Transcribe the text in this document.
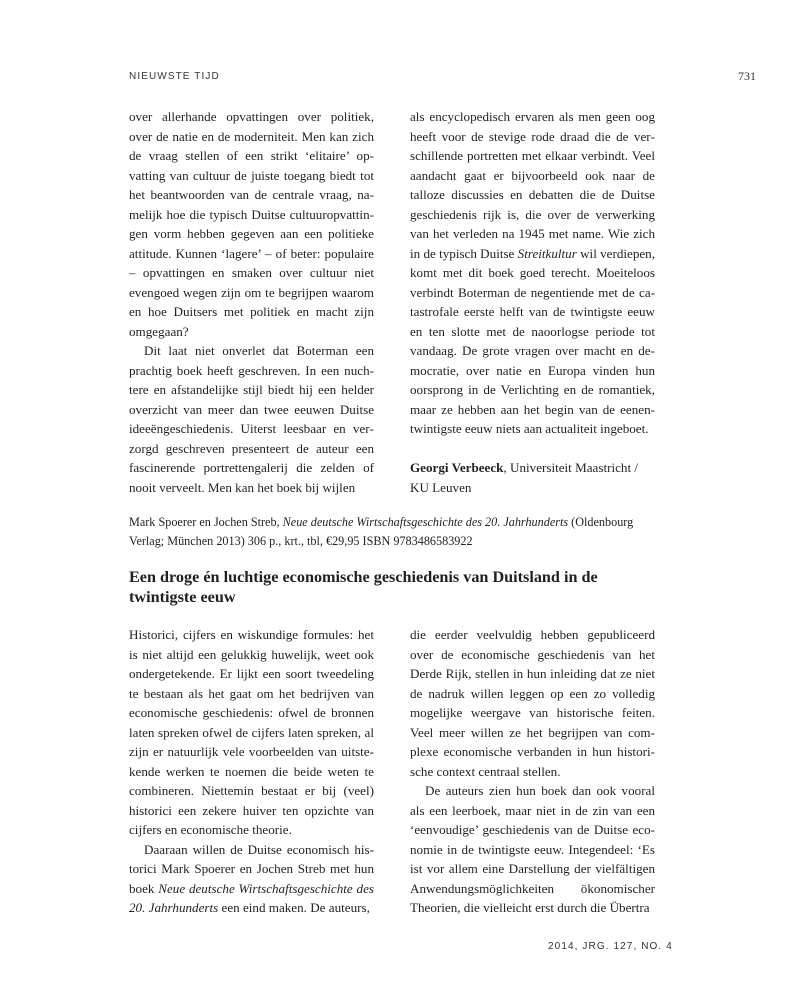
NIEUWSTE TIJD	731

over allerhande opvattingen over politiek, over de natie en de moderniteit. Men kan zich de vraag stellen of een strikt ‘elitaire’ opvatting van cultuur de juiste toegang biedt tot het beantwoorden van de centrale vraag, namelijk hoe die typisch Duitse cultuuropvattingen vorm hebben gegeven aan een politieke attitude. Kunnen ‘lagere’ – of beter: populaire – opvattingen en smaken over cultuur niet evengoed wegen zijn om te begrijpen waarom en hoe Duitsers met politiek en macht zijn omgegaan?

Dit laat niet onverlet dat Boterman een prachtig boek heeft geschreven. In een nuchtere en afstandelijke stijl biedt hij een helder overzicht van meer dan twee eeuwen Duitse ideeëngeschiedenis. Uiterst leesbaar en verzorgd geschreven presenteert de auteur een fascinerende portrettengalerij die zelden of nooit verveelt. Men kan het boek bij wijlen

als encyclopedisch ervaren als men geen oog heeft voor de stevige rode draad die de verschillende portretten met elkaar verbindt. Veel aandacht gaat er bijvoorbeeld ook naar de talloze discussies en debatten die de Duitse geschiedenis rijk is, die over de verwerking van het verleden na 1945 met name. Wie zich in de typisch Duitse Streitkultur wil verdiepen, komt met dit boek goed terecht. Moeiteloos verbindt Boterman de negentiende met de catastrofale eerste helft van de twintigste eeuw en ten slotte met de naoorlogse periode tot vandaag. De grote vragen over macht en democratie, over natie en Europa vinden hun oorsprong in de Verlichting en de romantiek, maar ze hebben aan het begin van de eenentwintigste eeuw niets aan actualiteit ingeboet.

Georgi Verbeeck, Universiteit Maastricht / KU Leuven

Mark Spoerer en Jochen Streb, Neue deutsche Wirtschaftsgeschichte des 20. Jahrhunderts (Oldenbourg Verlag; München 2013) 306 p., krt., tbl, €29,95 ISBN 9783486583922
Een droge én luchtige economische geschiedenis van Duitsland in de twintigste eeuw

Historici, cijfers en wiskundige formules: het is niet altijd een gelukkig huwelijk, weet ook ondergetekende. Er lijkt een soort tweedeling te bestaan als het gaat om het bedrijven van economische geschiedenis: ofwel de bronnen laten spreken ofwel de cijfers laten spreken, al zijn er natuurlijk vele voorbeelden van uitstekende werken te noemen die beide weten te combineren. Niettemin bestaat er bij (veel) historici een zekere huiver ten opzichte van cijfers en economische theorie.

Daaraan willen de Duitse economisch historici Mark Spoerer en Jochen Streb met hun boek Neue deutsche Wirtschaftsgeschichte des 20. Jahrhunderts een eind maken. De auteurs,

die eerder veelvuldig hebben gepubliceerd over de economische geschiedenis van het Derde Rijk, stellen in hun inleiding dat ze niet de nadruk willen leggen op een zo volledig mogelijke weergave van historische feiten. Veel meer willen ze het begrijpen van complexe economische verbanden in hun historische context centraal stellen.

De auteurs zien hun boek dan ook vooral als een leerboek, maar niet in de zin van een ‘eenvoudige’ geschiedenis van de Duitse economie in de twintigste eeuw. Integendeel: ‘Es ist vor allem eine Darstellung der vielfältigen Anwendungsmöglichkeiten ökonomischer Theorien, die vielleicht erst durch die Übertra

2014, JRG. 127, NO. 4
